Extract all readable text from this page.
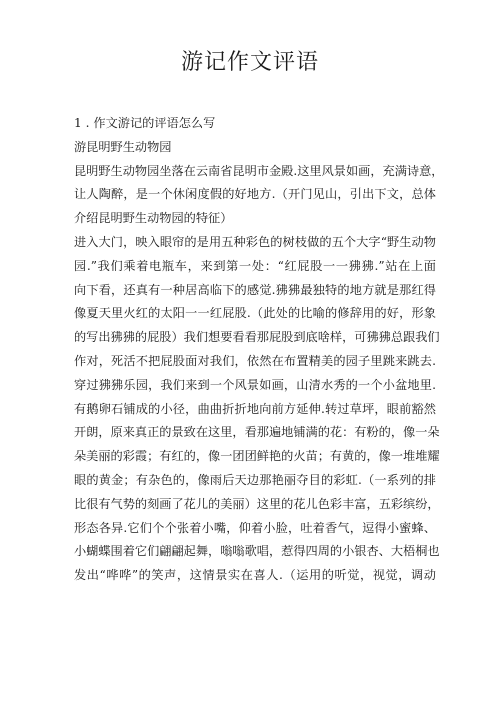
游记作文评语

1 . 作文游记的评语怎么写

游昆明野生动物园

昆明野生动物园坐落在云南省昆明市金殿.这里风景如画，充满诗意，
让人陶醉，是一个休闲度假的好地方.（开门见山，引出下文，总体
介绍昆明野生动物园的特征）

进入大门，映入眼帘的是用五种彩色的树枝做的五个大字“野生动物
园.”我们乘着电瓶车，来到第一处：“红屁股一一狒狒.”站在上面
向下看，还真有一种居高临下的感觉.狒狒最独特的地方就是那红得
像夏天里火红的太阳一一红屁股.（此处的比喻的修辞用的好，形象
的写出狒狒的屁股）我们想要看看那屁股到底啥样，可狒狒总跟我们
作对，死活不把屁股面对我们，依然在布置精美的园子里跳来跳去.
穿过狒狒乐园，我们来到一个风景如画，山清水秀的一个小盆地里.
有鹅卵石铺成的小径，曲曲折折地向前方延伸.转过草坪，眼前豁然
开朗，原来真正的景致在这里，看那遍地铺满的花：有粉的，像一朵
朵美丽的彩霞；有红的，像一团团鲜艳的火苗；有黄的，像一堆堆耀
眼的黄金；有杂色的，像雨后天边那艳丽夺目的彩虹.（一系列的排
比很有气势的刻画了花儿的美丽）这里的花儿色彩丰富，五彩缤纷，
形态各异.它们个个张着小嘴，仰着小脸，吐着香气，逗得小蜜蜂、
小蝴蝶围着它们翩翩起舞，嗡嗡歌唱，惹得四周的小银杏、大梧桐也
发出“哗哗”的笑声，这情景实在喜人.（运用的听觉，视觉，调动
